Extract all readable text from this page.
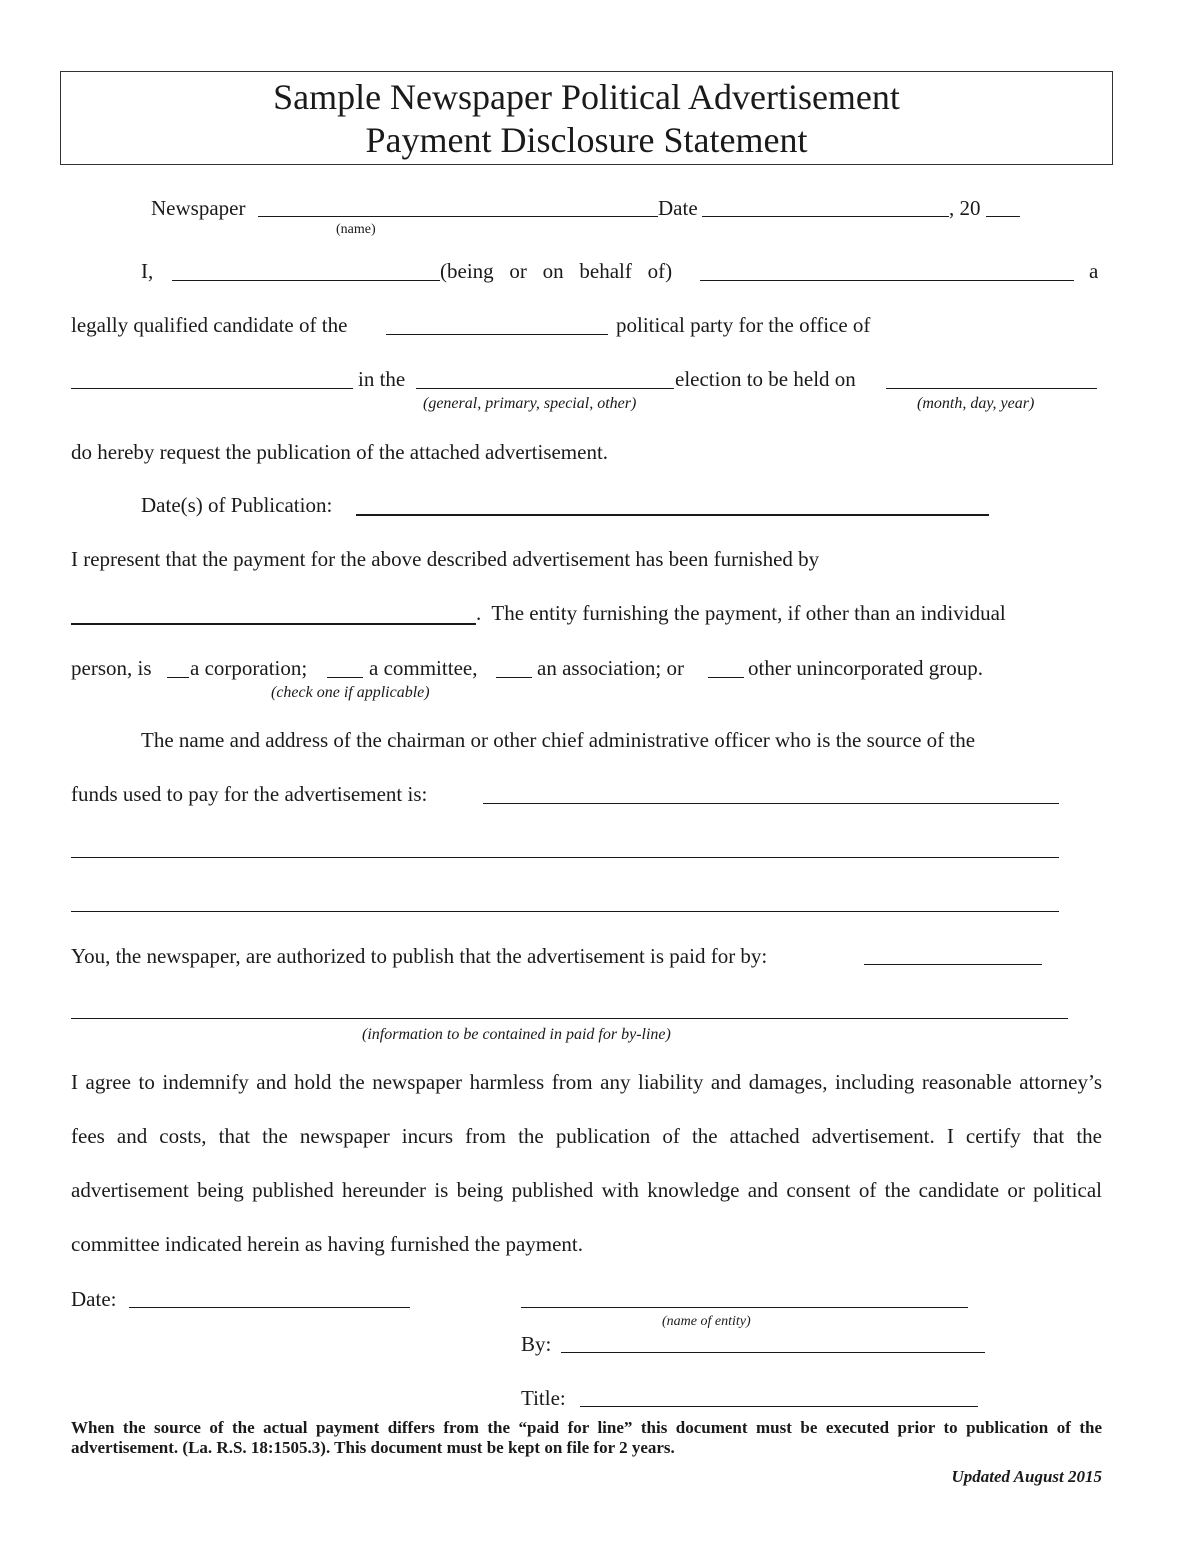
Sample Newspaper Political Advertisement
Payment Disclosure Statement
Newspaper	Date	, 20
(name)
I,	(being   or   on   behalf   of)	a
legally qualified candidate of the	political party for the office of
in the	election to be held on
(general, primary, special, other)	(month, day, year)
do hereby request the publication of the attached advertisement.
Date(s) of Publication:
I represent that the payment for the above described advertisement has been furnished by
.  The entity furnishing the payment, if other than an individual
person, is a corporation;	a committee,	an association; or	other unincorporated group.
(check one if applicable)
The name and address of the chairman or other chief administrative officer who is the source of the
funds used to pay for the advertisement is:
You, the newspaper, are authorized to publish that the advertisement is paid for by:
(information to be contained in paid for by-line)
I agree to indemnify and hold the newspaper harmless from any liability and damages, including reasonable attorney’s fees and costs, that the newspaper incurs from the publication of the attached advertisement. I certify that the advertisement being published hereunder is being published with knowledge and consent of the candidate or political committee indicated herein as having furnished the payment.
Date:
(name of entity)
By:
Title:
When the source of the actual payment differs from the “paid for line” this document must be executed prior to publication of the advertisement. (La. R.S. 18:1505.3). This document must be kept on file for 2 years.
Updated August 2015
